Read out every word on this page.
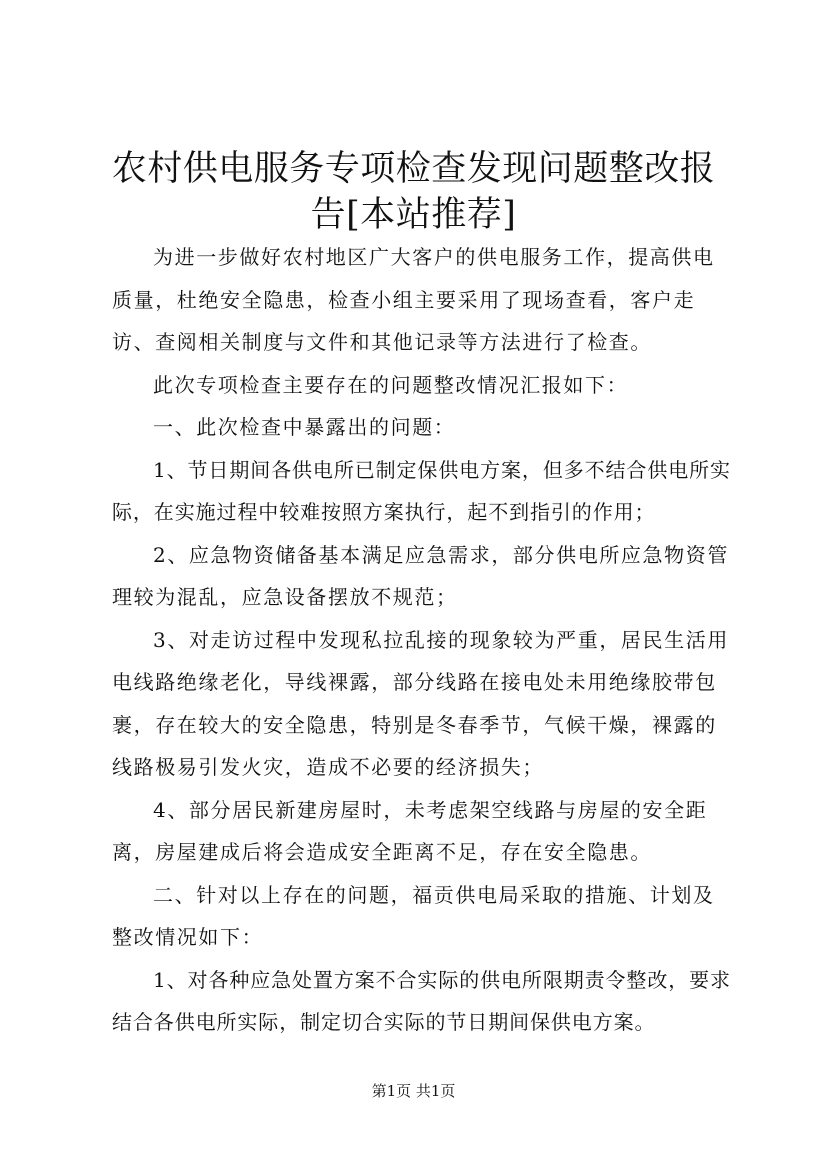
农村供电服务专项检查发现问题整改报告[本站推荐]

为进一步做好农村地区广大客户的供电服务工作，提高供电质量，杜绝安全隐患，检查小组主要采用了现场查看，客户走访、查阅相关制度与文件和其他记录等方法进行了检查。

此次专项检查主要存在的问题整改情况汇报如下：

一、此次检查中暴露出的问题：

1、节日期间各供电所已制定保供电方案，但多不结合供电所实际，在实施过程中较难按照方案执行，起不到指引的作用；

2、应急物资储备基本满足应急需求，部分供电所应急物资管理较为混乱，应急设备摆放不规范；

3、对走访过程中发现私拉乱接的现象较为严重，居民生活用电线路绝缘老化，导线裸露，部分线路在接电处未用绝缘胶带包裹，存在较大的安全隐患，特别是冬春季节，气候干燥，裸露的线路极易引发火灾，造成不必要的经济损失；

4、部分居民新建房屋时，未考虑架空线路与房屋的安全距离，房屋建成后将会造成安全距离不足，存在安全隐患。

二、针对以上存在的问题，福贡供电局采取的措施、计划及整改情况如下：

1、对各种应急处置方案不合实际的供电所限期责令整改，要求结合各供电所实际，制定切合实际的节日期间保供电方案。

第1页 共1页
